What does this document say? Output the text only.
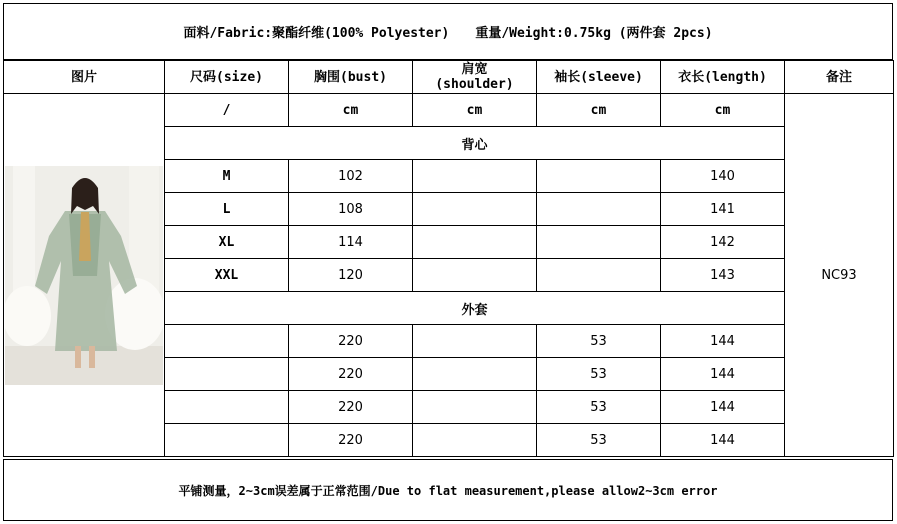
面料/Fabric:聚酯纤维(100% Polyester) 重量/Weight:0.75kg (两件套 2pcs)
图片	尺码(size)	胸围(bust)	肩宽
(shoulder)	袖长(sleeve)	衣长(length)	备注

	/	cm	cm	cm	cm	NC93
	背心					
	M	102			140	
	L	108			141	
	XL	114			142	
	XXL	120			143	
	外套					
		220		53	144	
		220		53	144	
		220		53	144	
		220		53	144	
平铺测量，2~3cm误差属于正常范围/Due to flat measurement,please allow2~3cm error
